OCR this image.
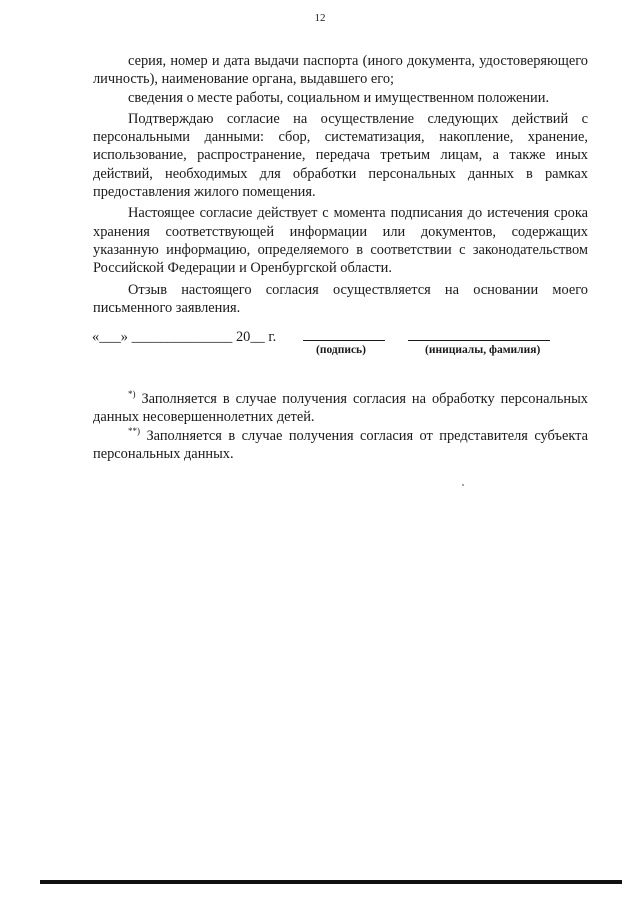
12

серия, номер и дата выдачи паспорта (иного документа, удостоверяющего личность), наименование органа, выдавшего его;

сведения о месте работы, социальном и имущественном положении.

Подтверждаю согласие на осуществление следующих действий с персональными данными: сбор, систематизация, накопление, хранение, использование, распространение, передача третьим лицам, а также иных действий, необходимых для обработки персональных данных в рамках предоставления жилого помещения.

Настоящее согласие действует с момента подписания до истечения срока хранения соответствующей информации или документов, содержащих указанную информацию, определяемого в соответствии с законодательством Российской Федерации и Оренбургской области.

Отзыв настоящего согласия осуществляется на основании моего письменного заявления.

«___» ______________ 20__ г.
(подпись)	(инициалы, фамилия)

*) Заполняется в случае получения согласия на обработку персональных данных несовершеннолетних детей.

**) Заполняется в случае получения согласия от представителя субъекта персональных данных.
